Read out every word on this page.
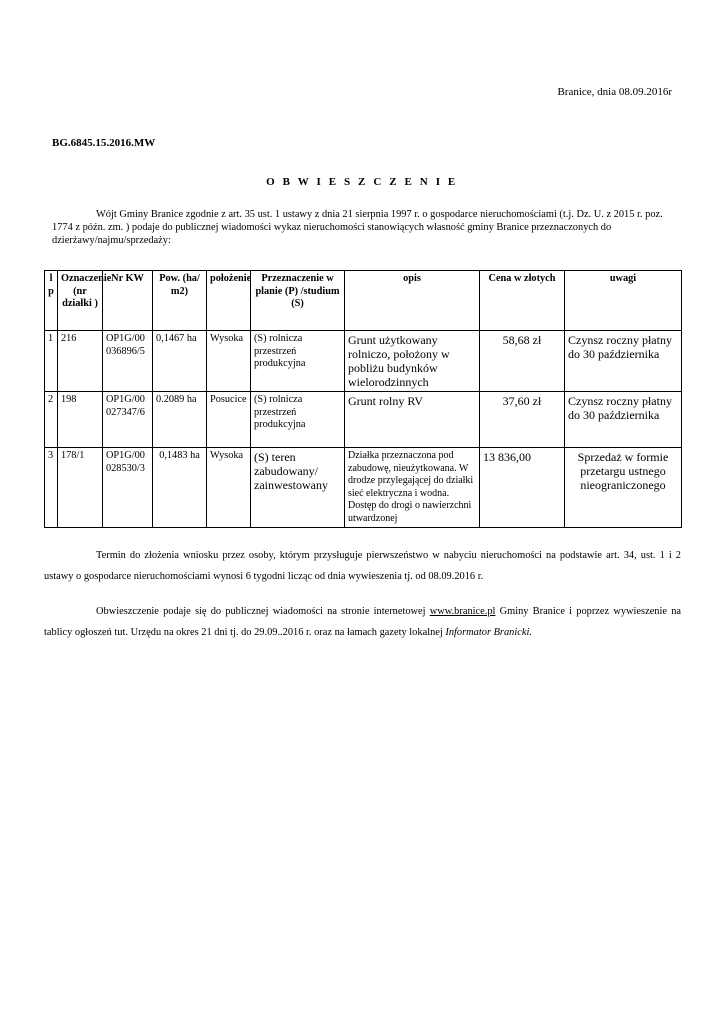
Branice, dnia 08.09.2016r
BG.6845.15.2016.MW
O B W I E S Z C Z E N I E

Wójt Gminy Branice zgodnie z art. 35 ust. 1 ustawy z dnia 21 sierpnia 1997 r. o gospodarce nieruchomościami (t.j. Dz. U. z 2015 r. poz. 1774 z późn. zm. ) podaje do publicznej wiadomości wykaz nieruchomości stanowiących własność gminy Branice przeznaczonych do dzierżawy/najmu/sprzedaży:

l p	Oznaczenie (nr działki )	Nr KW	Pow. (ha/ m2)	położenie	Przeznaczenie w planie (P) /studium (S)	opis	Cena w złotych	uwagi
1	216	OP1G/00036896/5	0,1467 ha	Wysoka	(S) rolnicza przestrzeń produkcyjna	Grunt użytkowany rolniczo, położony w pobliżu budynków wielorodzinnych	58,68 zł	Czynsz roczny płatny do 30 października
2	198	OP1G/00027347/6	0.2089 ha	Posucice	(S) rolnicza przestrzeń produkcyjna	Grunt rolny RV	37,60 zł	Czynsz roczny płatny do 30 października
3	178/1	OP1G/00028530/3	0,1483 ha	Wysoka	(S) teren zabudowany/ zainwestowany	Działka przeznaczona pod zabudowę, nieużytkowana. W drodze przylegającej do działki sieć elektryczna i wodna. Dostęp do drogi o nawierzchni utwardzonej	13 836,00	Sprzedaż w formie przetargu ustnego nieograniczonego

Termin do złożenia wniosku przez osoby, którym przysługuje pierwszeństwo w nabyciu nieruchomości na podstawie art. 34, ust. 1 i 2 ustawy o gospodarce nieruchomościami wynosi 6 tygodni licząc od dnia wywieszenia tj. od 08.09.2016 r.

Obwieszczenie podaje się do publicznej wiadomości na stronie internetowej www.branice.pl Gminy Branice i poprzez wywieszenie na tablicy ogłoszeń tut. Urzędu na okres 21 dni tj. do 29.09..2016 r. oraz na łamach gazety lokalnej Informator Branicki.
